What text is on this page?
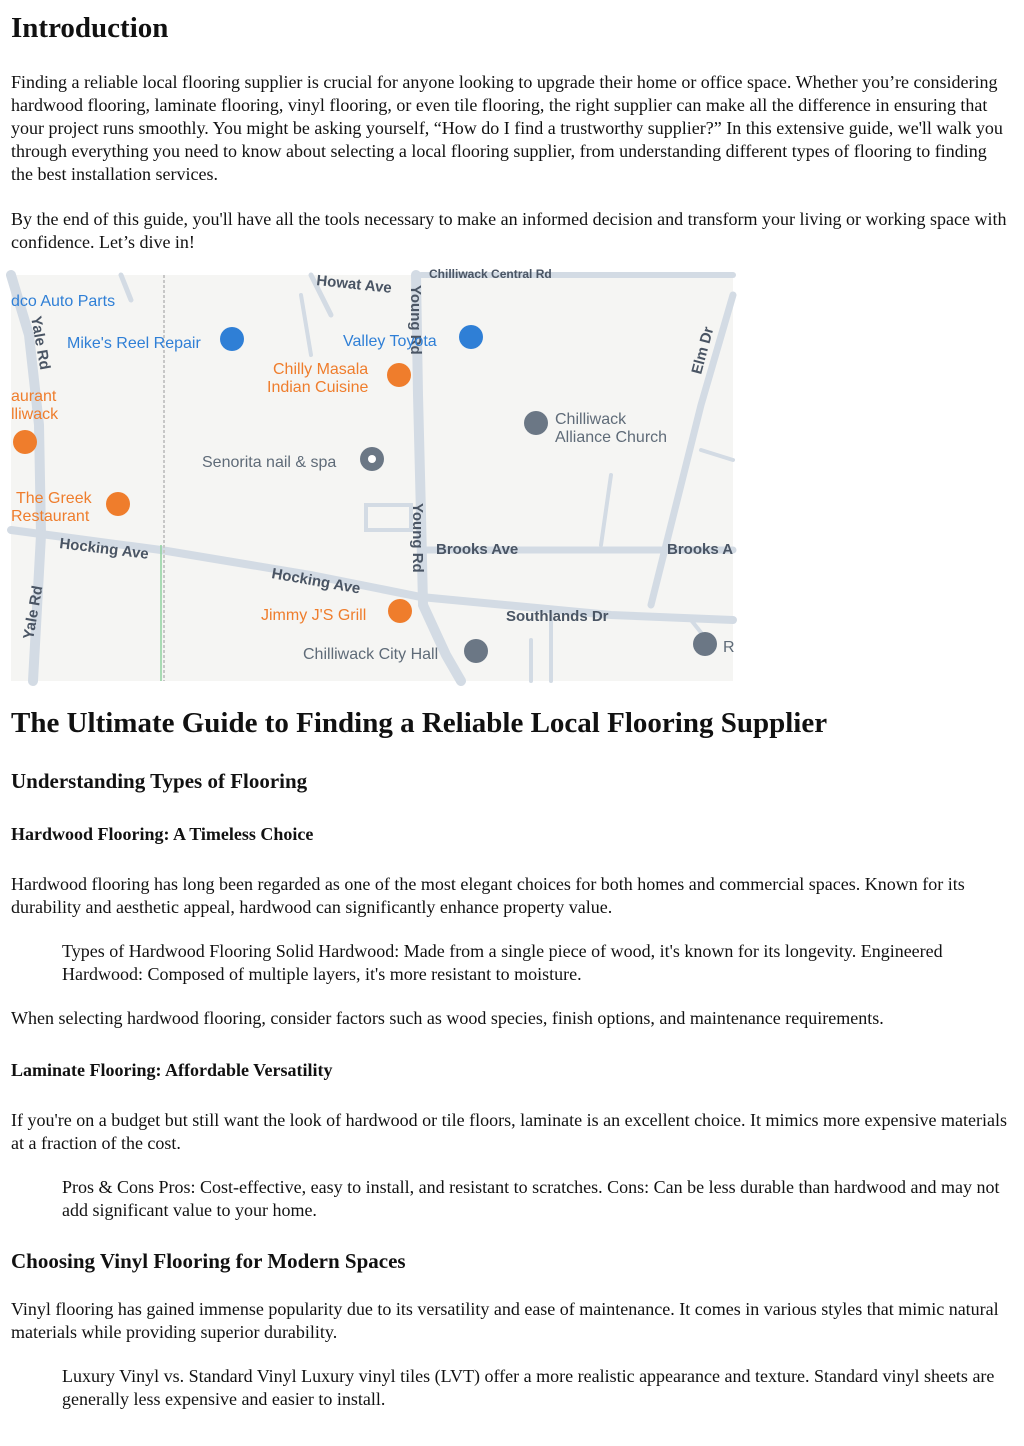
Introduction

Finding a reliable local flooring supplier is crucial for anyone looking to upgrade their home or office space. Whether you’re considering hardwood flooring, laminate flooring, vinyl flooring, or even tile flooring, the right supplier can make all the difference in ensuring that your project runs smoothly. You might be asking yourself, “How do I find a trustworthy supplier?” In this extensive guide, we'll walk you through everything you need to know about selecting a local flooring supplier, from understanding different types of flooring to finding the best installation services.

By the end of this guide, you'll have all the tools necessary to make an informed decision and transform your living or working space with confidence. Let’s dive in!

Howat Ave	Chilliwack Central Rd
Yale Rd	Young Rd	Elm Dr
Young Rd
Hocking Ave	Brooks Ave	Brooks A
Hocking Ave
Southlands Dr
Yale Rd
dco Auto Parts
Mike's Reel Repair	Valley Toyota
Chilly Masala
Indian Cuisine
Chilliwack
Alliance Church
aurant
lliwack
Senorita nail & spa
The Greek
Restaurant
Jimmy J'S Grill
Chilliwack City Hall	R
The Ultimate Guide to Finding a Reliable Local Flooring Supplier
Understanding Types of Flooring
Hardwood Flooring: A Timeless Choice

Hardwood flooring has long been regarded as one of the most elegant choices for both homes and commercial spaces. Known for its durability and aesthetic appeal, hardwood can significantly enhance property value.

Types of Hardwood Flooring Solid Hardwood: Made from a single piece of wood, it's known for its longevity. Engineered Hardwood: Composed of multiple layers, it's more resistant to moisture.

When selecting hardwood flooring, consider factors such as wood species, finish options, and maintenance requirements.

Laminate Flooring: Affordable Versatility

If you're on a budget but still want the look of hardwood or tile floors, laminate is an excellent choice. It mimics more expensive materials at a fraction of the cost.

Pros & Cons Pros: Cost-effective, easy to install, and resistant to scratches. Cons: Can be less durable than hardwood and may not add significant value to your home.

Choosing Vinyl Flooring for Modern Spaces

Vinyl flooring has gained immense popularity due to its versatility and ease of maintenance. It comes in various styles that mimic natural materials while providing superior durability.

Luxury Vinyl vs. Standard Vinyl Luxury vinyl tiles (LVT) offer a more realistic appearance and texture. Standard vinyl sheets are generally less expensive and easier to install.
